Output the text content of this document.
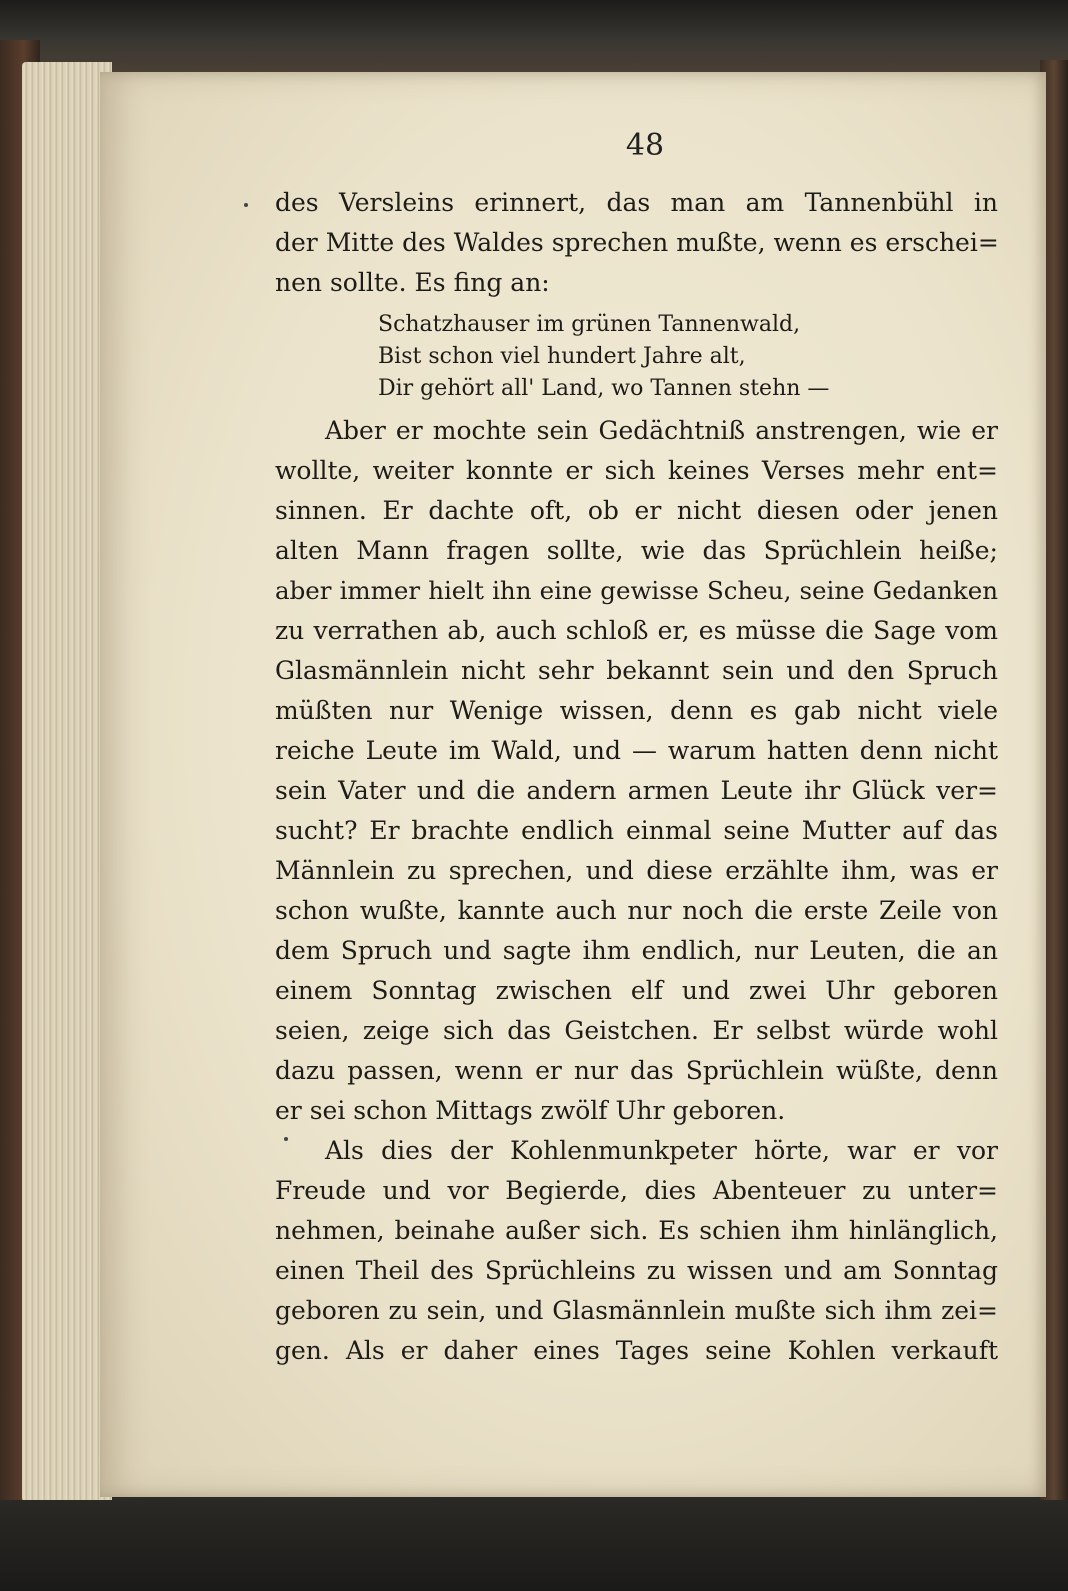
48
des Versleins erinnert, das man am Tannenbühl in
der Mitte des Waldes sprechen mußte, wenn es erschei=
nen sollte. Es fing an:
Schatzhauser im grünen Tannenwald,
Bist schon viel hundert Jahre alt,
Dir gehört all' Land, wo Tannen stehn —
Aber er mochte sein Gedächtniß anstrengen, wie er
wollte, weiter konnte er sich keines Verses mehr ent=
sinnen. Er dachte oft, ob er nicht diesen oder jenen
alten Mann fragen sollte, wie das Sprüchlein heiße;
aber immer hielt ihn eine gewisse Scheu, seine Gedanken
zu verrathen ab, auch schloß er, es müsse die Sage vom
Glasmännlein nicht sehr bekannt sein und den Spruch
müßten nur Wenige wissen, denn es gab nicht viele
reiche Leute im Wald, und — warum hatten denn nicht
sein Vater und die andern armen Leute ihr Glück ver=
sucht? Er brachte endlich einmal seine Mutter auf das
Männlein zu sprechen, und diese erzählte ihm, was er
schon wußte, kannte auch nur noch die erste Zeile von
dem Spruch und sagte ihm endlich, nur Leuten, die an
einem Sonntag zwischen elf und zwei Uhr geboren
seien, zeige sich das Geistchen. Er selbst würde wohl
dazu passen, wenn er nur das Sprüchlein wüßte, denn
er sei schon Mittags zwölf Uhr geboren.
Als dies der Kohlenmunkpeter hörte, war er vor
Freude und vor Begierde, dies Abenteuer zu unter=
nehmen, beinahe außer sich. Es schien ihm hinlänglich,
einen Theil des Sprüchleins zu wissen und am Sonntag
geboren zu sein, und Glasmännlein mußte sich ihm zei=
gen. Als er daher eines Tages seine Kohlen verkauft
